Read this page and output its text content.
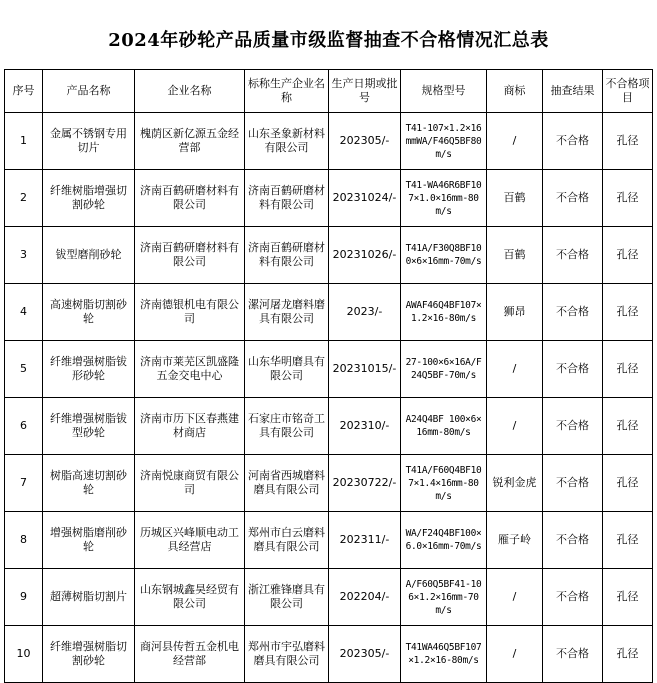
2024年砂轮产品质量市级监督抽查不合格情况汇总表
序号	产品名称	企业名称	标称生产企业名称	生产日期或批号	规格型号	商标	抽查结果	不合格项目
1	金属不锈钢专用切片	槐荫区新亿源五金经营部	山东圣象新材料有限公司	202305/-	T41-107×1.2×16mmWA/F46Q5BF80m/s	/	不合格	孔径
2	纤维树脂增强切割砂轮	济南百鹤研磨材料有限公司	济南百鹤研磨材料有限公司	20231024/-	T41-WA46R6BF107×1.0×16mm-80m/s	百鹤	不合格	孔径
3	钹型磨削砂轮	济南百鹤研磨材料有限公司	济南百鹤研磨材料有限公司	20231026/-	T41A/F30Q8BF100×6×16mm-70m/s	百鹤	不合格	孔径
4	高速树脂切割砂轮	济南德银机电有限公司	漯河屠龙磨料磨具有限公司	2023/-	AWAF46Q4BF107×1.2×16-80m/s	狮昂	不合格	孔径
5	纤维增强树脂钹形砂轮	济南市莱芜区凯盛隆五金交电中心	山东华明磨具有限公司	20231015/-	27-100×6×16A/F24Q5BF-70m/s	/	不合格	孔径
6	纤维增强树脂钹型砂轮	济南市历下区春燕建材商店	石家庄市铭奇工具有限公司	202310/-	A24Q4BF 100×6×16mm-80m/s	/	不合格	孔径
7	树脂高速切割砂轮	济南悦康商贸有限公司	河南省西城磨料磨具有限公司	20230722/-	T41A/F60Q4BF107×1.4×16mm-80m/s	锐利金虎	不合格	孔径
8	增强树脂磨削砂轮	历城区兴峰顺电动工具经营店	郑州市白云磨料磨具有限公司	202311/-	WA/F24Q4BF100×6.0×16mm-70m/s	雁子岭	不合格	孔径
9	超薄树脂切割片	山东钢城鑫昊经贸有限公司	浙江雅锋磨具有限公司	202204/-	A/F60Q5BF41-106×1.2×16mm-70m/s	/	不合格	孔径
10	纤维增强树脂切割砂轮	商河县传哲五金机电经营部	郑州市宇弘磨料磨具有限公司	202305/-	T41WA46Q5BF107×1.2×16-80m/s	/	不合格	孔径
